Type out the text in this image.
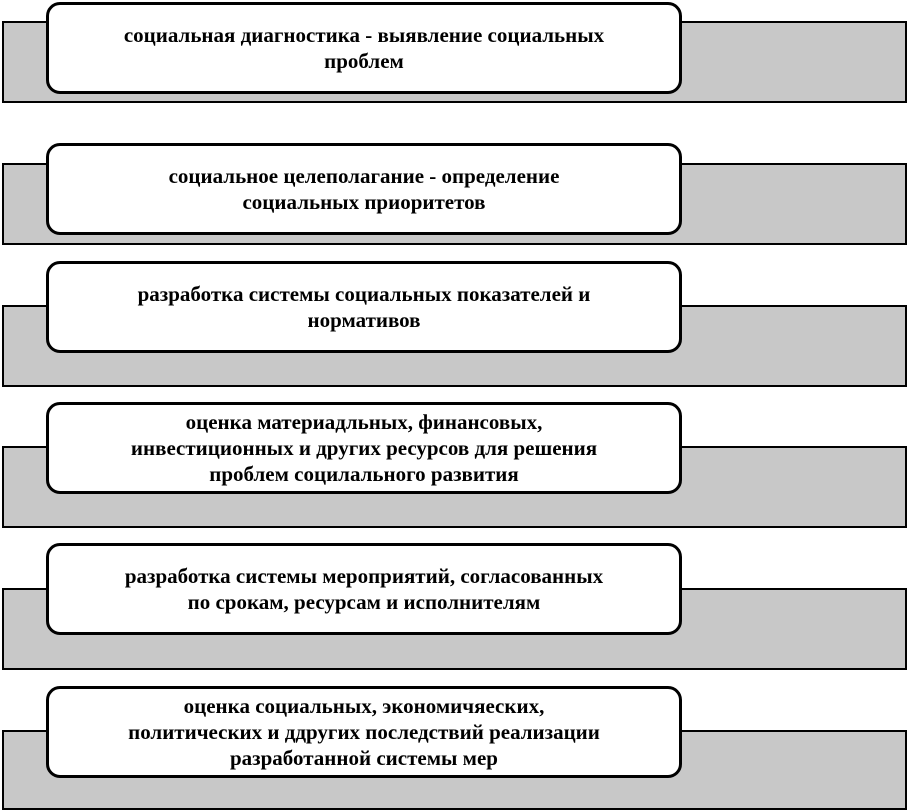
социальная диагностика - выявление социальных
проблем
социальное целеполагание - определение
социальных приоритетов
разработка системы социальных показателей и
нормативов
оценка материадльных, финансовых,
инвестиционных и других ресурсов для решения
проблем социлального развития
разработка системы мероприятий, согласованных
по срокам, ресурсам и исполнителям
оценка социальных, экономичяеских,
политических и ддругих последствий реализации
разработанной системы мер
